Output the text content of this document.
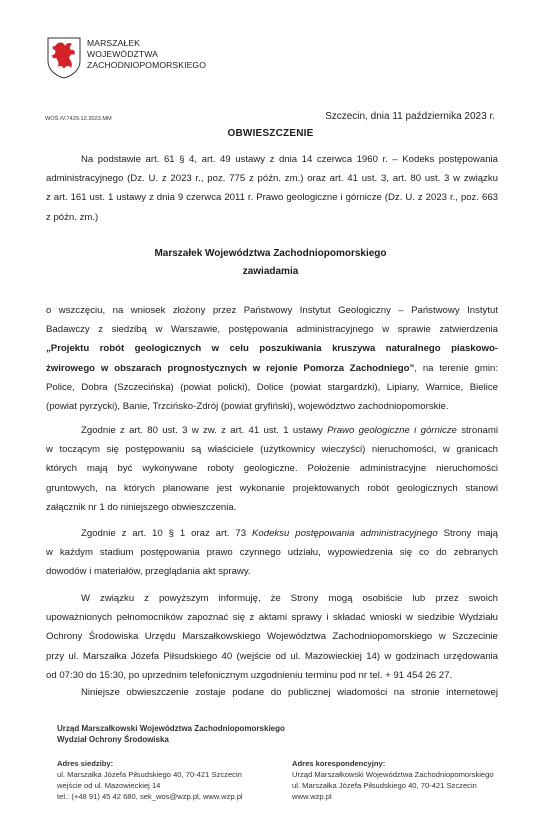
MARSZAŁEK
WOJEWÓDZTWA
ZACHODNIOPOMORSKIEGO
WOŚ-IV.7429.12.2023.MM	Szczecin, dnia 11 października 2023 r.
OBWIESZCZENIE
Na podstawie art. 61 § 4, art. 49 ustawy z dnia 14 czerwca 1960 r. – Kodeks postępowania
administracyjnego (Dz. U. z 2023 r., poz. 775 z późn. zm.) oraz art. 41 ust. 3, art. 80 ust. 3 w związku
z art. 161 ust. 1 ustawy z dnia 9 czerwca 2011 r. Prawo geologiczne i górnicze (Dz. U. z 2023 r., poz. 663
z późn. zm.)
Marszałek Województwa Zachodniopomorskiego
zawiadamia
o wszczęciu, na wniosek złożony przez Państwowy Instytut Geologiczny – Państwowy Instytut
Badawczy z siedzibą w Warszawie, postępowania administracyjnego w sprawie zatwierdzenia
„Projektu robót geologicznych w celu poszukiwania kruszywa naturalnego piaskowo-
żwirowego w obszarach prognostycznych w rejonie Pomorza Zachodniego”, na terenie gmin:
Police, Dobra (Szczecińska) (powiat policki), Dolice (powiat stargardzki), Lipiany, Warnice, Bielice
(powiat pyrzycki), Banie, Trzcińsko-Zdrój (powiat gryfiński), województwo zachodniopomorskie.
Zgodnie z art. 80 ust. 3 w zw. z art. 41 ust. 1 ustawy Prawo geologiczne i górnicze stronami
w toczącym się postępowaniu są właściciele (użytkownicy wieczyści) nieruchomości, w granicach
których mają być wykonywane roboty geologiczne. Położenie administracyjne nieruchomości
gruntowych, na których planowane jest wykonanie projektowanych robót geologicznych stanowi
załącznik nr 1 do niniejszego obwieszczenia.
Zgodnie z art. 10 § 1 oraz art. 73 Kodeksu postępowania administracyjnego Strony mają
w każdym stadium postępowania prawo czynnego udziału, wypowiedzenia się co do zebranych
dowodów i materiałów, przeglądania akt sprawy.
W związku z powyższym informuję, że Strony mogą osobiście lub przez swoich
upoważnionych pełnomocników zapoznać się z aktami sprawy i składać wnioski w siedzibie Wydziału
Ochrony Środowiska Urzędu Marszałkowskiego Województwa Zachodniopomorskiego w Szczecinie
przy ul. Marszałka Józefa Piłsudskiego 40 (wejście od ul. Mazowieckiej 14) w godzinach urzędowania
od 07:30 do 15:30, po uprzednim telefonicznym uzgodnieniu terminu pod nr tel. + 91 454 26 27.
Niniejsze obwieszczenie zostaje podane do publicznej wiadomości na stronie internetowej
Urząd Marszałkowski Województwa Zachodniopomorskiego
Wydział Ochrony Środowiska
Adres siedziby:
ul. Marszałka Józefa Piłsudskiego 40, 70-421 Szczecin
wejście od ul. Mazowieckiej 14
tel.: (+48 91) 45 42 680, sek_wos@wzp.pl, www.wzp.pl
Adres korespondencyjny:
Urząd Marszałkowski Województwa Zachodniopomorskiego
ul. Marszałka Józefa Piłsudskiego 40, 70-421 Szczecin
www.wzp.pl
